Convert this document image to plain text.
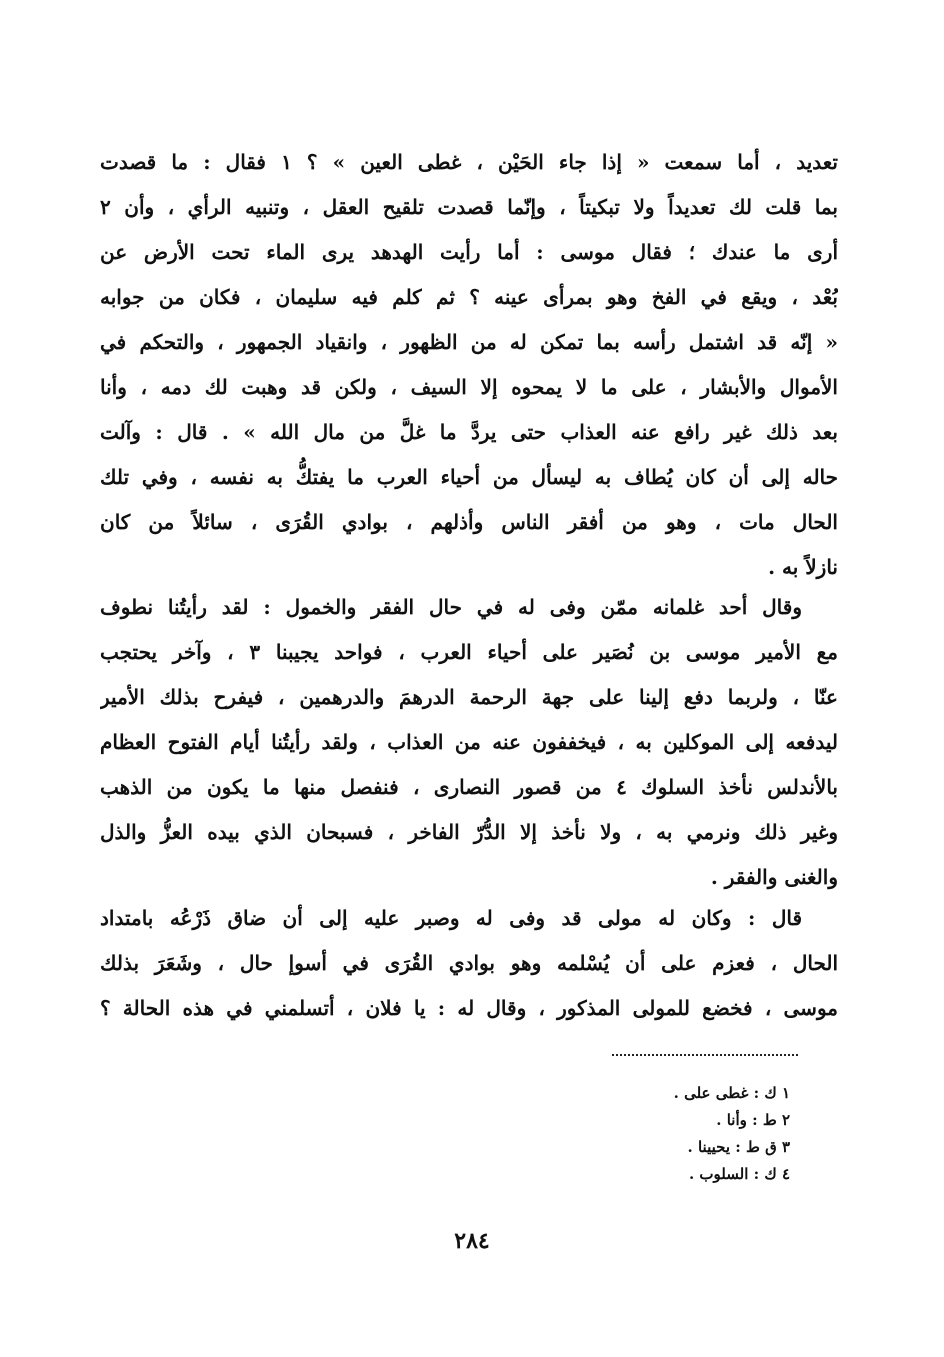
تعديد ، أما سمعت « إذا جاء الحَيْن ، غطى العين » ؟ ١ فقال : ما قصدت
بما قلت لك تعديداً ولا تبكيتاً ، وإنّما قصدت تلقيح العقل ، وتنبيه الرأي ، وأن ٢
أرى ما عندك ؛ فقال موسى : أما رأيت الهدهد يرى الماء تحت الأرض عن
بُعْد ، ويقع في الفخ وهو بمرأى عينه ؟ ثم كلم فيه سليمان ، فكان من جوابه
« إنّه قد اشتمل رأسه بما تمكن له من الظهور ، وانقياد الجمهور ، والتحكم في
الأموال والأبشار ، على ما لا يمحوه إلا السيف ، ولكن قد وهبت لك دمه ، وأنا
بعد ذلك غير رافع عنه العذاب حتى يردَّ ما غلَّ من مال الله » . قال : وآلت
حاله إلى أن كان يُطاف به ليسأل من أحياء العرب ما يفتكُّ به نفسه ، وفي تلك
الحال مات ، وهو من أفقر الناس وأذلهم ، بوادي القُرَى ، سائلاً من كان
نازلاً به .
وقال أحد غلمانه ممّن وفى له في حال الفقر والخمول : لقد رأيتُنا نطوف
مع الأمير موسى بن نُصَير على أحياء العرب ، فواحد يجيبنا ٣ ، وآخر يحتجب
عنّا ، ولربما دفع إلينا على جهة الرحمة الدرهمَ والدرهمين ، فيفرح بذلك الأمير
ليدفعه إلى الموكلين به ، فيخففون عنه من العذاب ، ولقد رأيتُنا أيام الفتوح العظام
بالأندلس نأخذ السلوك ٤ من قصور النصارى ، فنفصل منها ما يكون من الذهب
وغير ذلك ونرمي به ، ولا نأخذ إلا الدُّرّ الفاخر ، فسبحان الذي بيده العزُّ والذل
والغنى والفقر .
قال : وكان له مولى قد وفى له وصبر عليه إلى أن ضاق ذَرْعُه بامتداد
الحال ، فعزم على أن يُسْلمه وهو بوادي القُرَى في أسوإ حال ، وشَعَرَ بذلك
موسى ، فخضع للمولى المذكور ، وقال له : يا فلان ، أتسلمني في هذه الحالة ؟
١ ك : غطى على .
٢ ط : وأنا .
٣ ق ط : يحيينا .
٤ ك : السلوب .
٢٨٤
